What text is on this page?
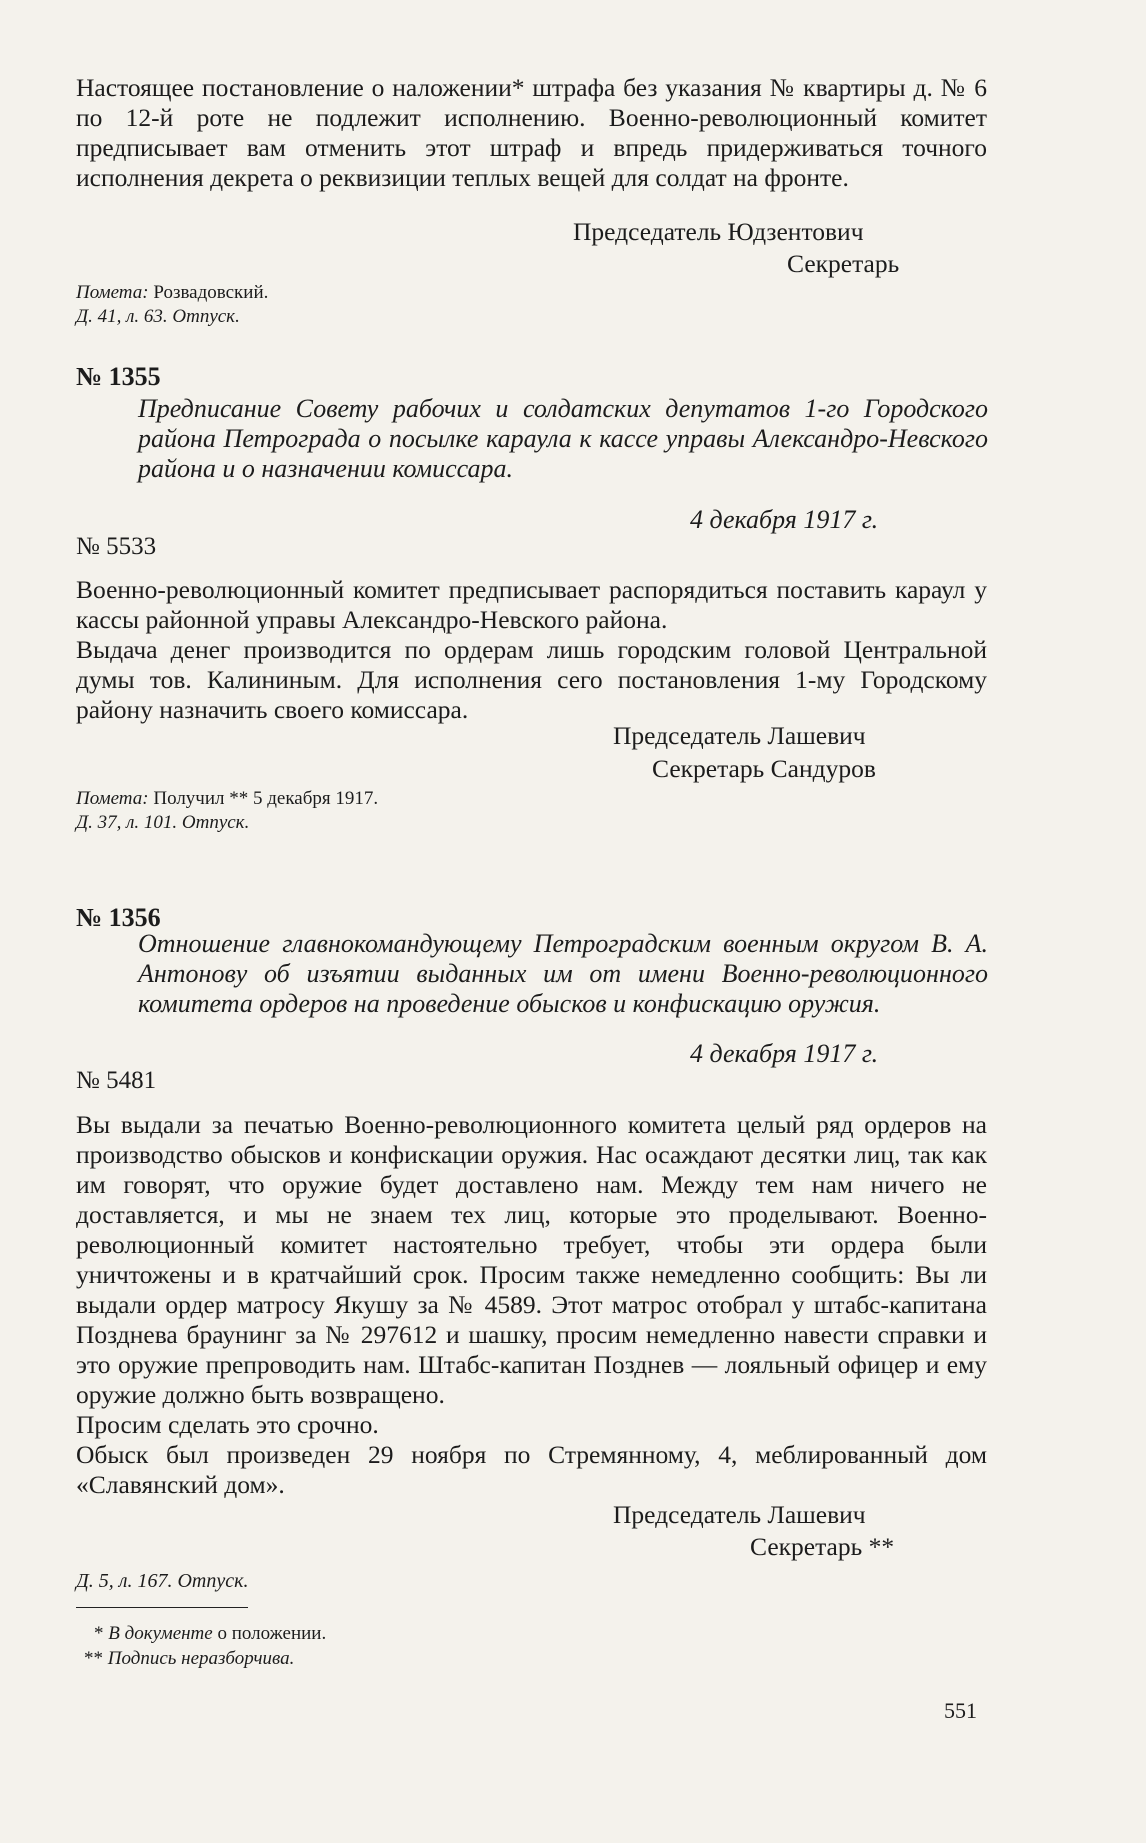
Настоящее постановление о наложении* штрафа без указания № квартиры д. № 6 по 12-й роте не подлежит исполнению. Военно-революционный комитет предписывает вам отменить этот штраф и впредь придерживаться точного исполнения декрета о реквизиции теплых вещей для солдат на фронте.

Председатель Юдзентович
Секретарь
Помета: Розвадовский.
Д. 41, л. 63. Отпуск.
№ 1355
Предписание Совету рабочих и солдатских депутатов 1-го Городского района Петрограда о посылке караула к кассе управы Александро-Невского района и о назначении комиссара.
4 декабря 1917 г.
№ 5533

Военно-революционный комитет предписывает распорядиться поставить караул у кассы районной управы Александро-Невского района.

Выдача денег производится по ордерам лишь городским головой Центральной думы тов. Калининым. Для исполнения сего постановления 1-му Городскому району назначить своего комиссара.

Председатель Лашевич
Секретарь Сандуров
Помета: Получил ** 5 декабря 1917.
Д. 37, л. 101. Отпуск.
№ 1356
Отношение главнокомандующему Петроградским военным округом В. А. Антонову об изъятии выданных им от имени Военно-революционного комитета ордеров на проведение обысков и конфискацию оружия.
4 декабря 1917 г.
№ 5481

Вы выдали за печатью Военно-революционного комитета целый ряд ордеров на производство обысков и конфискации оружия. Нас осаждают десятки лиц, так как им говорят, что оружие будет доставлено нам. Между тем нам ничего не доставляется, и мы не знаем тех лиц, которые это проделывают. Военно-революционный комитет настоятельно требует, чтобы эти ордера были уничтожены и в кратчайший срок. Просим также немедленно сообщить: Вы ли выдали ордер матросу Якушу за № 4589. Этот матрос отобрал у штабс-капитана Позднева браунинг за № 297612 и шашку, просим немедленно навести справки и это оружие препроводить нам. Штабс-капитан Позднев — лояльный офицер и ему оружие должно быть возвращено.

Просим сделать это срочно.

Обыск был произведен 29 ноября по Стремянному, 4, меблированный дом «Славянский дом».

Председатель Лашевич
Секретарь **
Д. 5, л. 167. Отпуск.
* В документе о положении.
** Подпись неразборчива.
551
